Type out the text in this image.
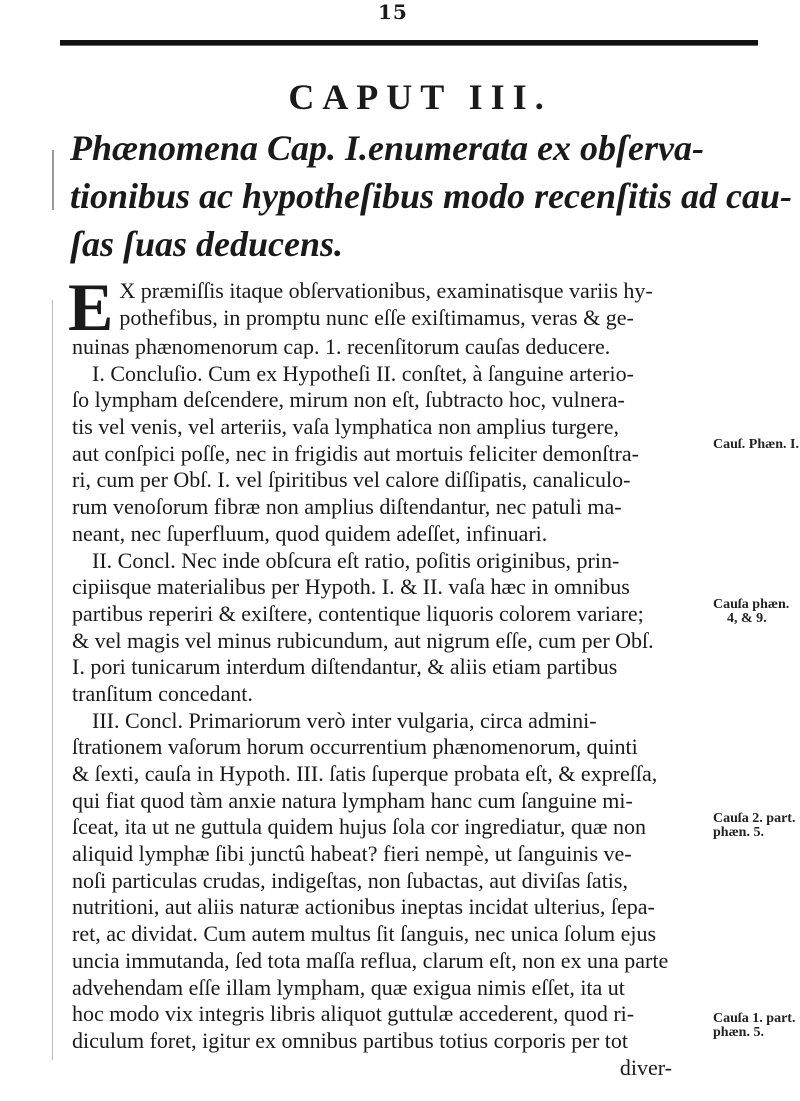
15
CAPUT III.
Phænomena Cap. I.enumerata ex obſerva-
tionibus ac hypotheſibus modo recenſitis ad cau-
ſas ſuas deducens.
E X præmiſſis itaque obſervationibus, examinatisque variis hy-
pothefibus, in promptu nunc eſſe exiſtimamus, veras & ge-
nuinas phænomenorum cap. 1. recenſitorum cauſas deducere.
I. Concluſio. Cum ex Hypotheſi II. conſtet, à ſanguine arterio-
ſo lympham deſcendere, mirum non eſt, ſubtracto hoc, vulnera-
tis vel venis, vel arteriis, vaſa lymphatica non amplius turgere,
aut conſpici poſſe, nec in frigidis aut mortuis feliciter demonſtra-
ri, cum per Obſ. I. vel ſpiritibus vel calore diſſipatis, canaliculo-
rum venoſorum fibræ non amplius diſtendantur, nec patuli ma-
neant, nec ſuperfluum, quod quidem adeſſet, infinuari.
II. Concl. Nec inde obſcura eſt ratio, poſitis originibus, prin-
cipiisque materialibus per Hypoth. I. & II. vaſa hæc in omnibus
partibus reperiri & exiſtere, contentique liquoris colorem variare;
& vel magis vel minus rubicundum, aut nigrum eſſe, cum per Obſ.
I. pori tunicarum interdum diſtendantur, & aliis etiam partibus
tranſitum concedant.
III. Concl. Primariorum verò inter vulgaria, circa admini-
ſtrationem vaſorum horum occurrentium phænomenorum, quinti
& ſexti, cauſa in Hypoth. III. ſatis ſuperque probata eſt, & expreſſa,
qui fiat quod tàm anxie natura lympham hanc cum ſanguine mi-
ſceat, ita ut ne guttula quidem hujus ſola cor ingrediatur, quæ non
aliquid lymphæ ſibi junctû habeat? fieri nempè, ut ſanguinis ve-
noſi particulas crudas, indigeſtas, non ſubactas, aut diviſas ſatis,
nutritioni, aut aliis naturæ actionibus ineptas incidat ulterius, ſepa-
ret, ac dividat. Cum autem multus ſit ſanguis, nec unica ſolum ejus
uncia immutanda, ſed tota maſſa reflua, clarum eſt, non ex una parte
advehendam eſſe illam lympham, quæ exigua nimis eſſet, ita ut
hoc modo vix integris libris aliquot guttulæ accederent, quod ri-
diculum foret, igitur ex omnibus partibus totius corporis per tot
diver-
Cauſ. Phæn. I.
Cauſa phæn.
4, & 9.
Cauſa 2. part.
phæn. 5.
Cauſa 1. part.
phæn. 5.
